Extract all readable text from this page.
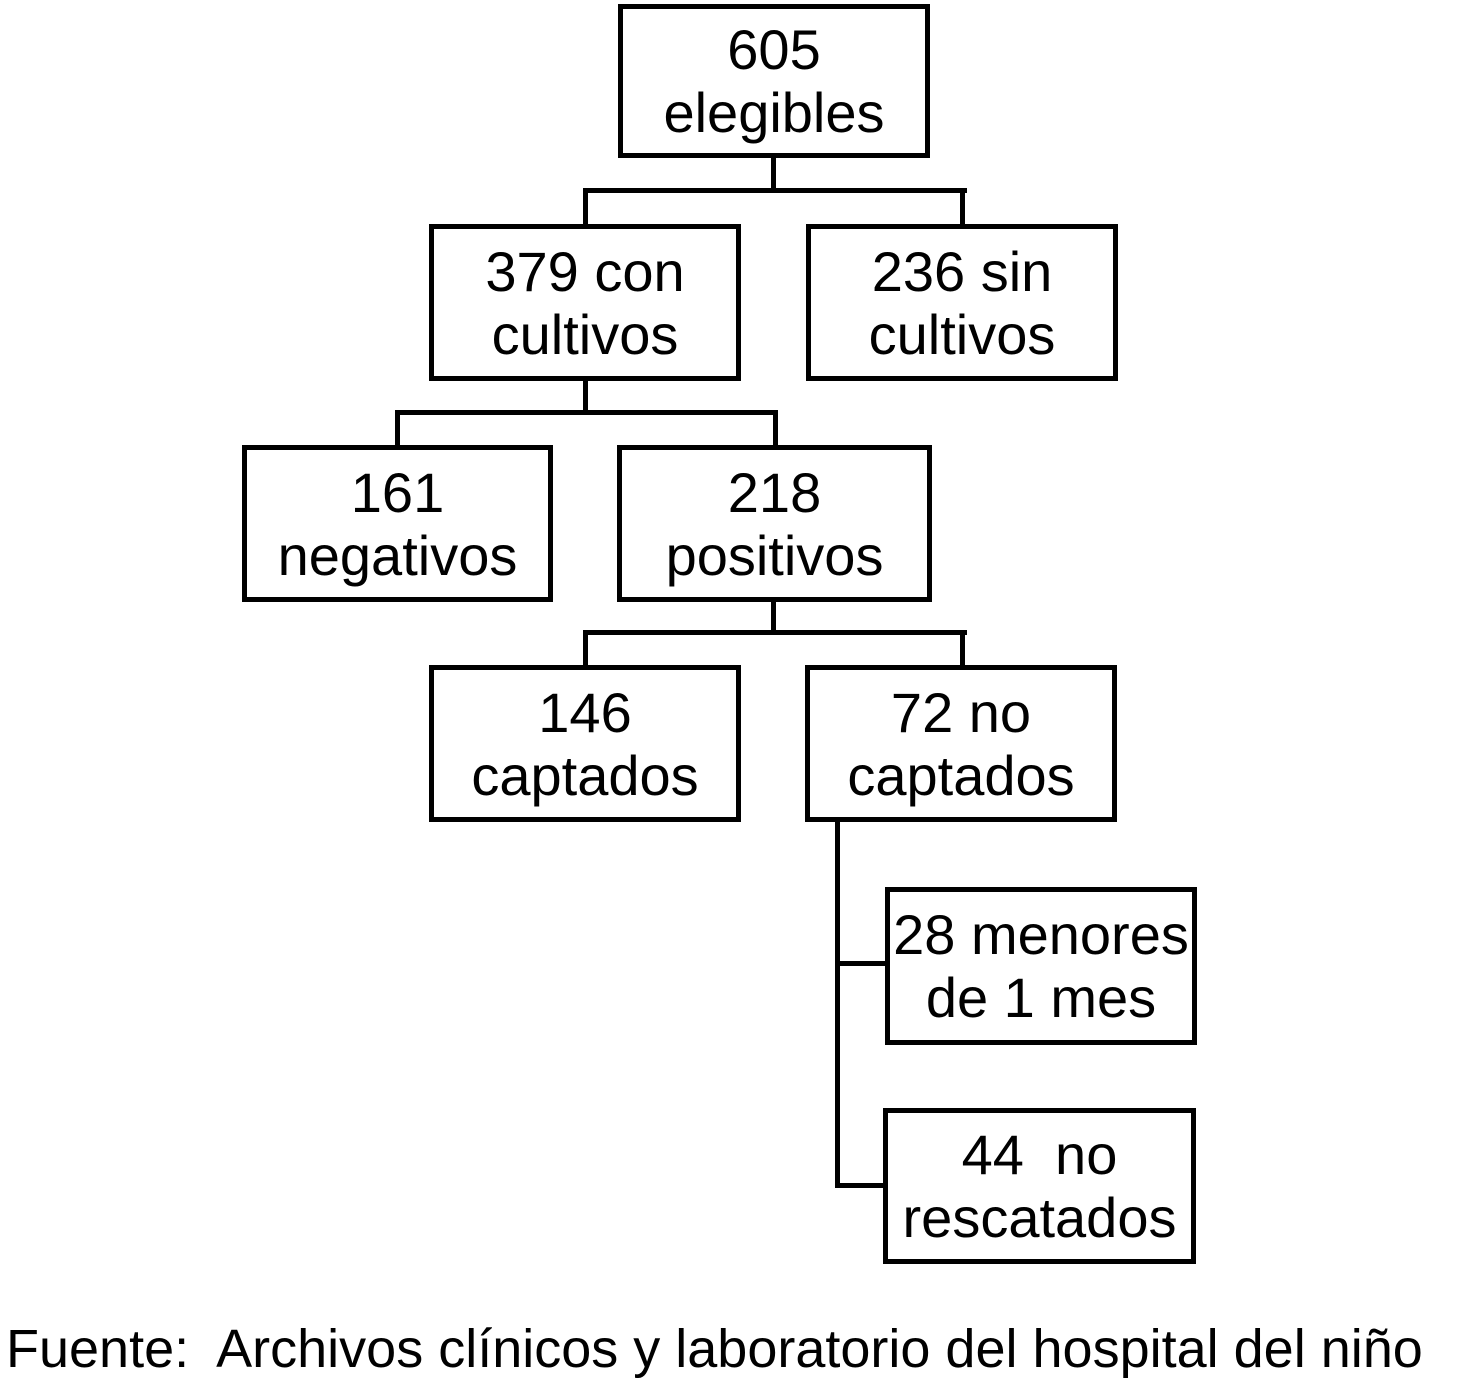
605
elegibles
379 con
cultivos
236 sin
cultivos
161
negativos
218
positivos
146
captados
72 no
captados
28 menores
de 1 mes
44  no
rescatados
Fuente:  Archivos clínicos y laboratorio del hospital del niño
